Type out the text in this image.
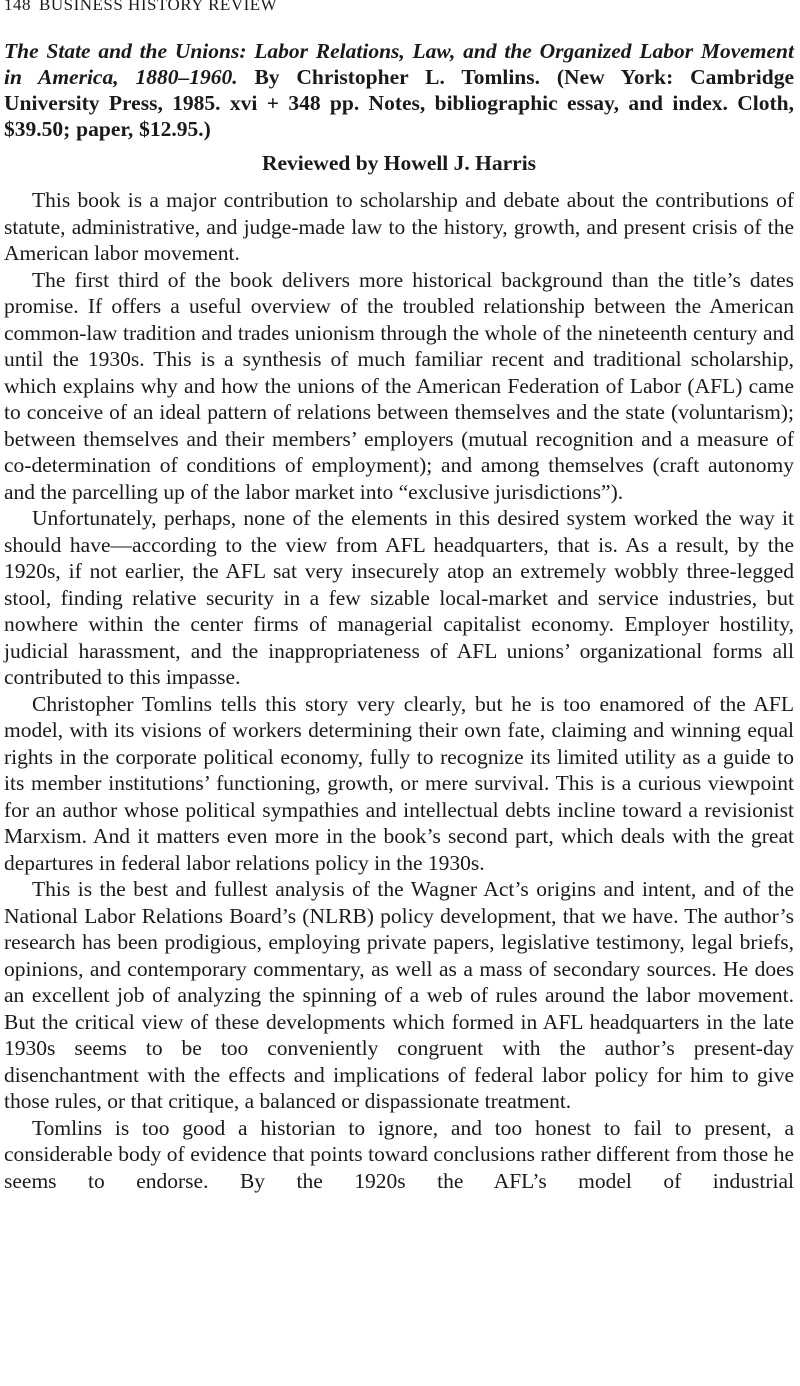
148 BUSINESS HISTORY REVIEW
The State and the Unions: Labor Relations, Law, and the Organized Labor Movement in America, 1880–1960. By Christopher L. Tomlins. (New York: Cambridge University Press, 1985. xvi + 348 pp. Notes, bibliographic essay, and index. Cloth, $39.50; paper, $12.95.)
Reviewed by Howell J. Harris

This book is a major contribution to scholarship and debate about the contributions of statute, administrative, and judge-made law to the history, growth, and present crisis of the American labor movement.

The first third of the book delivers more historical background than the title’s dates promise. If offers a useful overview of the troubled relationship between the American common-law tradition and trades unionism through the whole of the nineteenth century and until the 1930s. This is a synthesis of much familiar recent and traditional scholarship, which explains why and how the unions of the American Federation of Labor (AFL) came to conceive of an ideal pattern of relations between themselves and the state (voluntarism); between themselves and their members’ employers (mutual recognition and a measure of co-determination of conditions of employment); and among themselves (craft autonomy and the parcelling up of the labor market into “exclusive jurisdictions”).

Unfortunately, perhaps, none of the elements in this desired system worked the way it should have—according to the view from AFL headquarters, that is. As a result, by the 1920s, if not earlier, the AFL sat very insecurely atop an extremely wobbly three-legged stool, finding relative security in a few sizable local-market and service industries, but nowhere within the center firms of managerial capitalist economy. Employer hostility, judicial harassment, and the inappropriateness of AFL unions’ organizational forms all contributed to this impasse.

Christopher Tomlins tells this story very clearly, but he is too enamored of the AFL model, with its visions of workers determining their own fate, claiming and winning equal rights in the corporate political economy, fully to recognize its limited utility as a guide to its member institutions’ functioning, growth, or mere survival. This is a curious viewpoint for an author whose political sympathies and intellectual debts incline toward a revisionist Marxism. And it matters even more in the book’s second part, which deals with the great departures in federal labor relations policy in the 1930s.

This is the best and fullest analysis of the Wagner Act’s origins and intent, and of the National Labor Relations Board’s (NLRB) policy development, that we have. The author’s research has been prodigious, employing private papers, legislative testimony, legal briefs, opinions, and contemporary commentary, as well as a mass of secondary sources. He does an excellent job of analyzing the spinning of a web of rules around the labor movement. But the critical view of these developments which formed in AFL headquarters in the late 1930s seems to be too conveniently congruent with the author’s present-day disenchantment with the effects and implications of federal labor policy for him to give those rules, or that critique, a balanced or dispassionate treatment.

Tomlins is too good a historian to ignore, and too honest to fail to present, a considerable body of evidence that points toward conclusions rather different from those he seems to endorse. By the 1920s the AFL’s model of industrial
